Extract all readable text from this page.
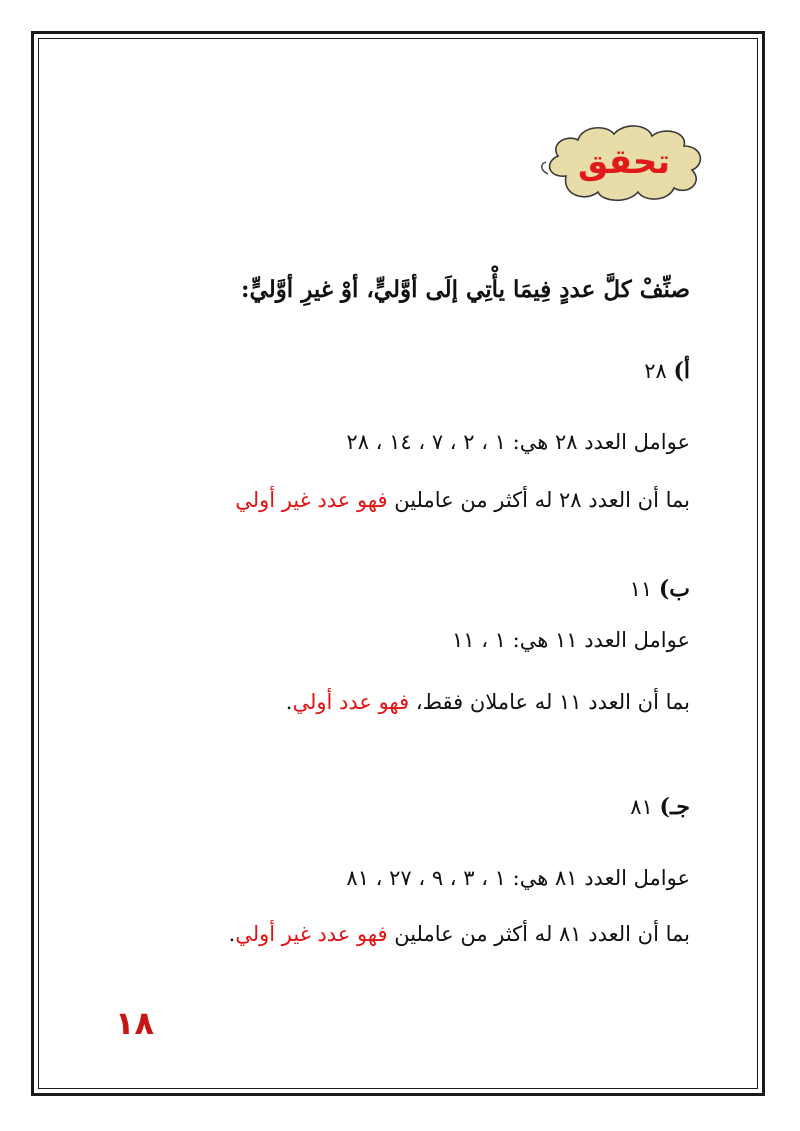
تحقق
صنِّفْ كلَّ عددٍ فِيمَا يأْتِي إلَى أوَّليٍّ، أوْ غيرِ أوَّليٍّ:
أ) ٢٨
عوامل العدد ٢٨ هي: ١ ، ٢ ، ٧ ، ١٤ ، ٢٨
بما أن العدد ٢٨ له أكثر من عاملين فهو عدد غير أولي
ب) ١١
عوامل العدد ١١ هي: ١ ، ١١
بما أن العدد ١١ له عاملان فقط، فهو عدد أولي.
جـ) ٨١
عوامل العدد ٨١ هي: ١ ، ٣ ، ٩ ، ٢٧ ، ٨١
بما أن العدد ٨١ له أكثر من عاملين فهو عدد غير أولي.
١٨
